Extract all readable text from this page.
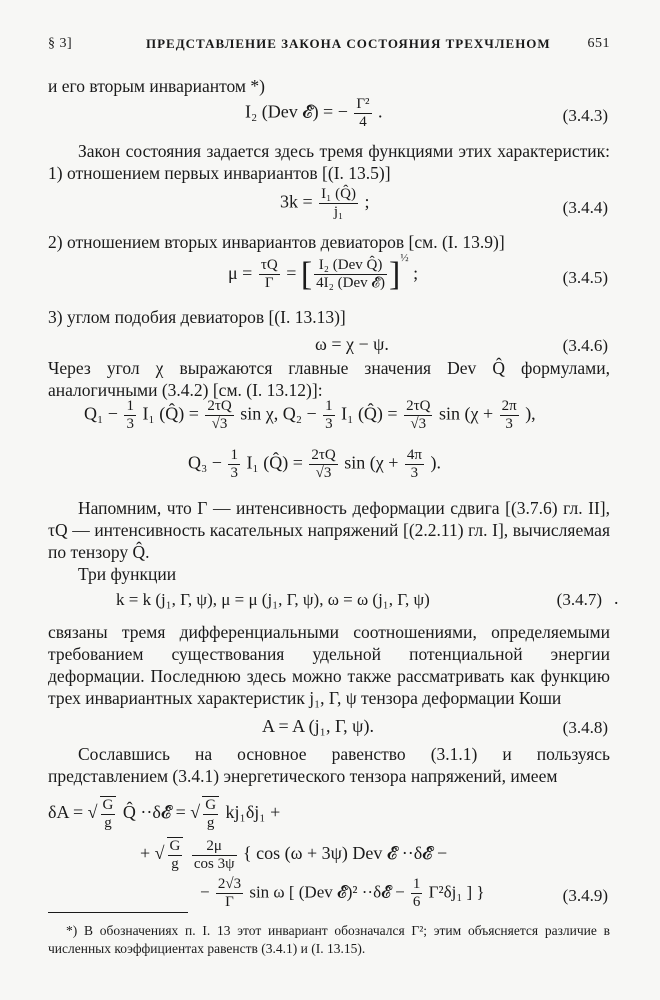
§ 3]	ПРЕДСТАВЛЕНИЕ ЗАКОНА СОСТОЯНИЯ ТРЕХЧЛЕНОМ	651
и его вторым инвариантом *)
I₂ (Dev 𝓔̂) = − $\frac{\text{Γ²}}{4}$ .	(3.4.3)
Закон состояния задается здесь тремя функциями этих характеристик: 1) отношением первых инвариантов [(I. 13.5)]
$3k = \frac{\text{I₁ (Q̂)}}{\text{j₁}}$ ;	(3.4.4)
2) отношением вторых инвариантов девиаторов [см. (I. 13.9)]
$\mu = \frac{\tau Q}{\Gamma}$ = [ $\frac{\text{I₂ (Dev Q̂)}}{\text{4I₂ (Dev 𝓔̂)}} ]^{\frac{1}{2}}$ ;	(3.4.5)
3) углом подобия девиаторов [(I. 13.13)]
ω = χ − ψ.	(3.4.6)
Через угол χ выражаются главные значения Dev Q̂ формулами, аналогичными (3.4.2) [см. (I. 13.12)]:
$Q_1 - \frac{1}{3} I_1$ (Q̂) = $\frac{2\tau Q}{√3}$ sin χ, $Q_2 - \frac{1}{3} I_1$ (Q̂) = $\frac{2\tau Q}{√3}$ $\sin (\chi + \frac{2\pi}{3}$ ),
$Q_3 - \frac{1}{3} I_1$ (Q̂) = $\frac{2\tau Q}{√3}$ $\sin (\chi + \frac{4\pi}{3}$ ).
Напомним, что Γ — интенсивность деформации сдвига [(3.7.6) гл. II], τQ — интенсивность касательных напряжений [(2.2.11) гл. I], вычисляемая по тензору Q̂.
Три функции
k = k (j₁, Γ, ψ), μ = μ (j₁, Γ, ψ), ω = ω (j₁, Γ, ψ)	(3.4.7) .
связаны тремя дифференциальными соотношениями, определяемыми требованием существования удельной потенциальной энергии деформации. Последнюю здесь можно также рассматривать как функцию трех инвариантных характеристик j₁, Γ, ψ тензора деформации Коши
A = A (j₁, Γ, ψ).	(3.4.8)
Сославшись на основное равенство (3.1.1) и пользуясь представлением (3.4.1) энергетического тензора напряжений, имеем
δA = √ $\frac{G}{g}$ Q̂ ··δ𝓔̂ = √ $\frac{G}{g} kj_1\delta j_1$ +
+ √ $\frac{G}{g}$
$\frac{2\mu}{\cos 3\psi}$ { cos (ω + 3ψ) Dev 𝓔̂ ··δ𝓔̂ −
− $\frac{2√3}{\Gamma}$ sin ω [ (Dev 𝓔̂)² ··δ𝓔̂ − $\frac{1}{6} \Gamma^2\delta j_1$ ] }	(3.4.9)
*) В обозначениях п. I. 13 этот инвариант обозначался Γ²; этим объясняется различие в численных коэффициентах равенств (3.4.1) и (I. 13.15).
